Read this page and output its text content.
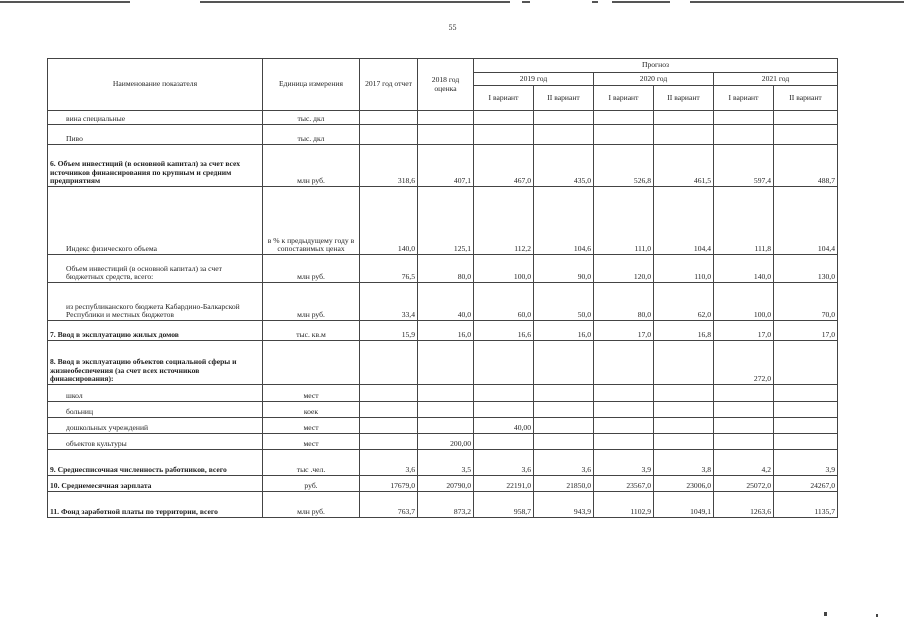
55
Наименование показателя	Единица измерения	2017 год отчет	2018 год оценка	Прогноз					
				2019 год		2020 год		2021 год	
				I вариант	II вариант	I вариант	II вариант	I вариант	II вариант
вина специальные	тыс. дкл								
Пиво	тыс. дкл								
6. Объем инвестиций (в основной капитал) за счет всех источников финансирования по крупным и средним предприятиям	млн руб.	318,6	407,1	467,0	435,0	526,8	461,5	597,4	488,7
Индекс физического объема	в % к предыдущему году в сопоставимых ценах	140,0	125,1	112,2	104,6	111,0	104,4	111,8	104,4
Объем инвестиций (в основной капитал) за счет бюджетных средств, всего:	млн руб.	76,5	80,0	100,0	90,0	120,0	110,0	140,0	130,0
из республиканского бюджета Кабардино-Балкарской Республики и местных бюджетов	млн руб.	33,4	40,0	60,0	50,0	80,0	62,0	100,0	70,0
7. Ввод в эксплуатацию жилых домов	тыс. кв.м	15,9	16,0	16,6	16,0	17,0	16,8	17,0	17,0
8. Ввод в эксплуатацию объектов социальной сферы и жизнеобеспечения (за счет всех источников финансирования):								272,0	
школ	мест								
больниц	коек								
дошкольных учреждений	мест			40,00					
объектов культуры	мест		200,00						
9. Среднесписочная численность работников, всего	тыс .чел.	3,6	3,5	3,6	3,6	3,9	3,8	4,2	3,9
10. Среднемесячная зарплата	руб.	17679,0	20790,0	22191,0	21850,0	23567,0	23006,0	25072,0	24267,0
11. Фонд заработной платы по территории, всего	млн руб.	763,7	873,2	958,7	943,9	1102,9	1049,1	1263,6	1135,7
